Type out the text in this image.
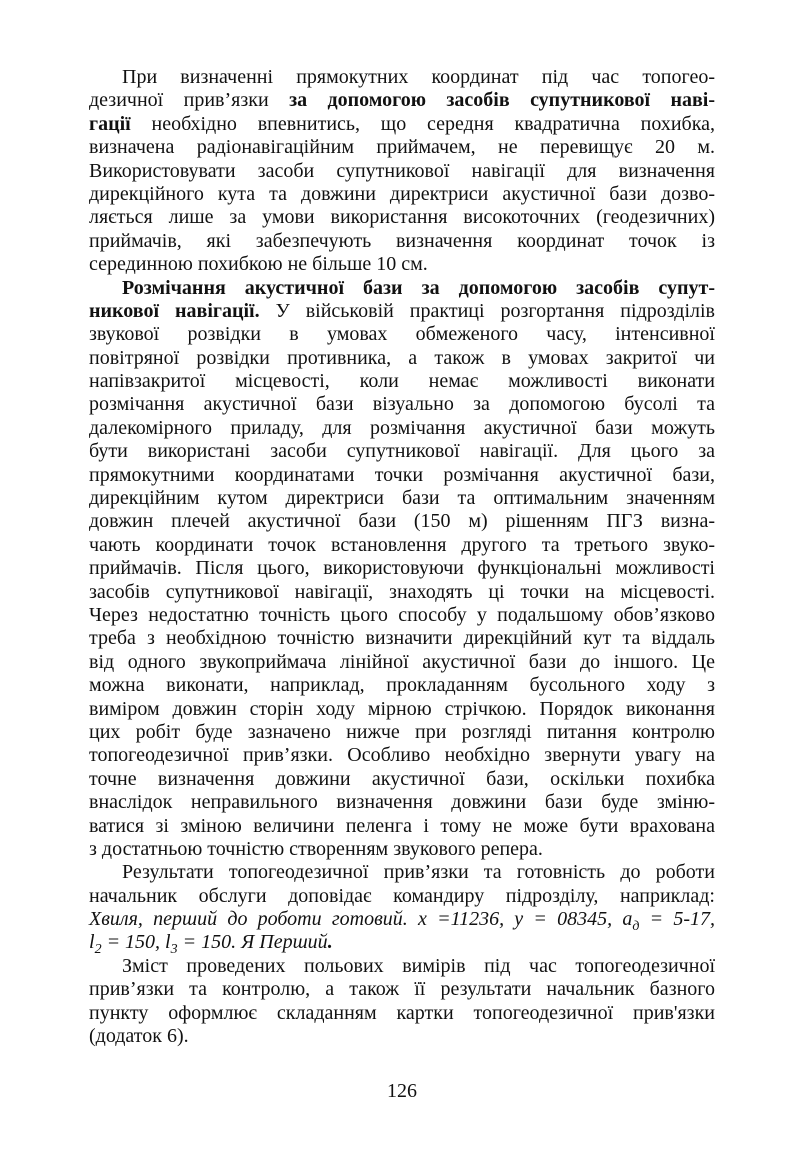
При визначенні прямокутних координат під час топогео-
дезичної прив’язки за допомогою засобів супутникової наві-
гації необхідно впевнитись, що середня квадратична похибка,
визначена радіонавігаційним приймачем, не перевищує 20 м.
Використовувати засоби супутникової навігації для визначення
дирекційного кута та довжини директриси акустичної бази дозво-
ляється лише за умови використання високоточних (геодезичних)
приймачів, які забезпечують визначення координат точок із
серединною похибкою не більше 10 см.
Розмічання акустичної бази за допомогою засобів супут-
никової навігації. У військовій практиці розгортання підрозділів
звукової розвідки в умовах обмеженого часу, інтенсивної
повітряної розвідки противника, а також в умовах закритої чи
напівзакритої місцевості, коли немає можливості виконати
розмічання акустичної бази візуально за допомогою бусолі та
далекомірного приладу, для розмічання акустичної бази можуть
бути використані засоби супутникової навігації. Для цього за
прямокутними координатами точки розмічання акустичної бази,
дирекційним кутом директриси бази та оптимальним значенням
довжин плечей акустичної бази (150 м) рішенням ПГЗ визна-
чають координати точок встановлення другого та третього звуко-
приймачів. Після цього, використовуючи функціональні можливості
засобів супутникової навігації, знаходять ці точки на місцевості.
Через недостатню точність цього способу у подальшому обов’язково
треба з необхідною точністю визначити дирекційний кут та віддаль
від одного звукоприймача лінійної акустичної бази до іншого. Це
можна виконати, наприклад, прокладанням бусольного ходу з
виміром довжин сторін ходу мірною стрічкою. Порядок виконання
цих робіт буде зазначено нижче при розгляді питання контролю
топогеодезичної прив’язки. Особливо необхідно звернути увагу на
точне визначення довжини акустичної бази, оскільки похибка
внаслідок неправильного визначення довжини бази буде зміню-
ватися зі зміною величини пеленга і тому не може бути врахована
з достатньою точністю створенням звукового репера.
Результати топогеодезичної прив’язки та готовність до роботи
начальник обслуги доповідає командиру підрозділу, наприклад:
Хвиля, перший до роботи готовий. х =11236, у = 08345, $а_д = 5-17$,
$l_2 = 150$, $l_3 = 150$. Я Перший.
Зміст проведених польових вимірів під час топогеодезичної
прив’язки та контролю, а також її результати начальник базного
пункту оформлює складанням картки топогеодезичної прив'язки
(додаток 6).
126
